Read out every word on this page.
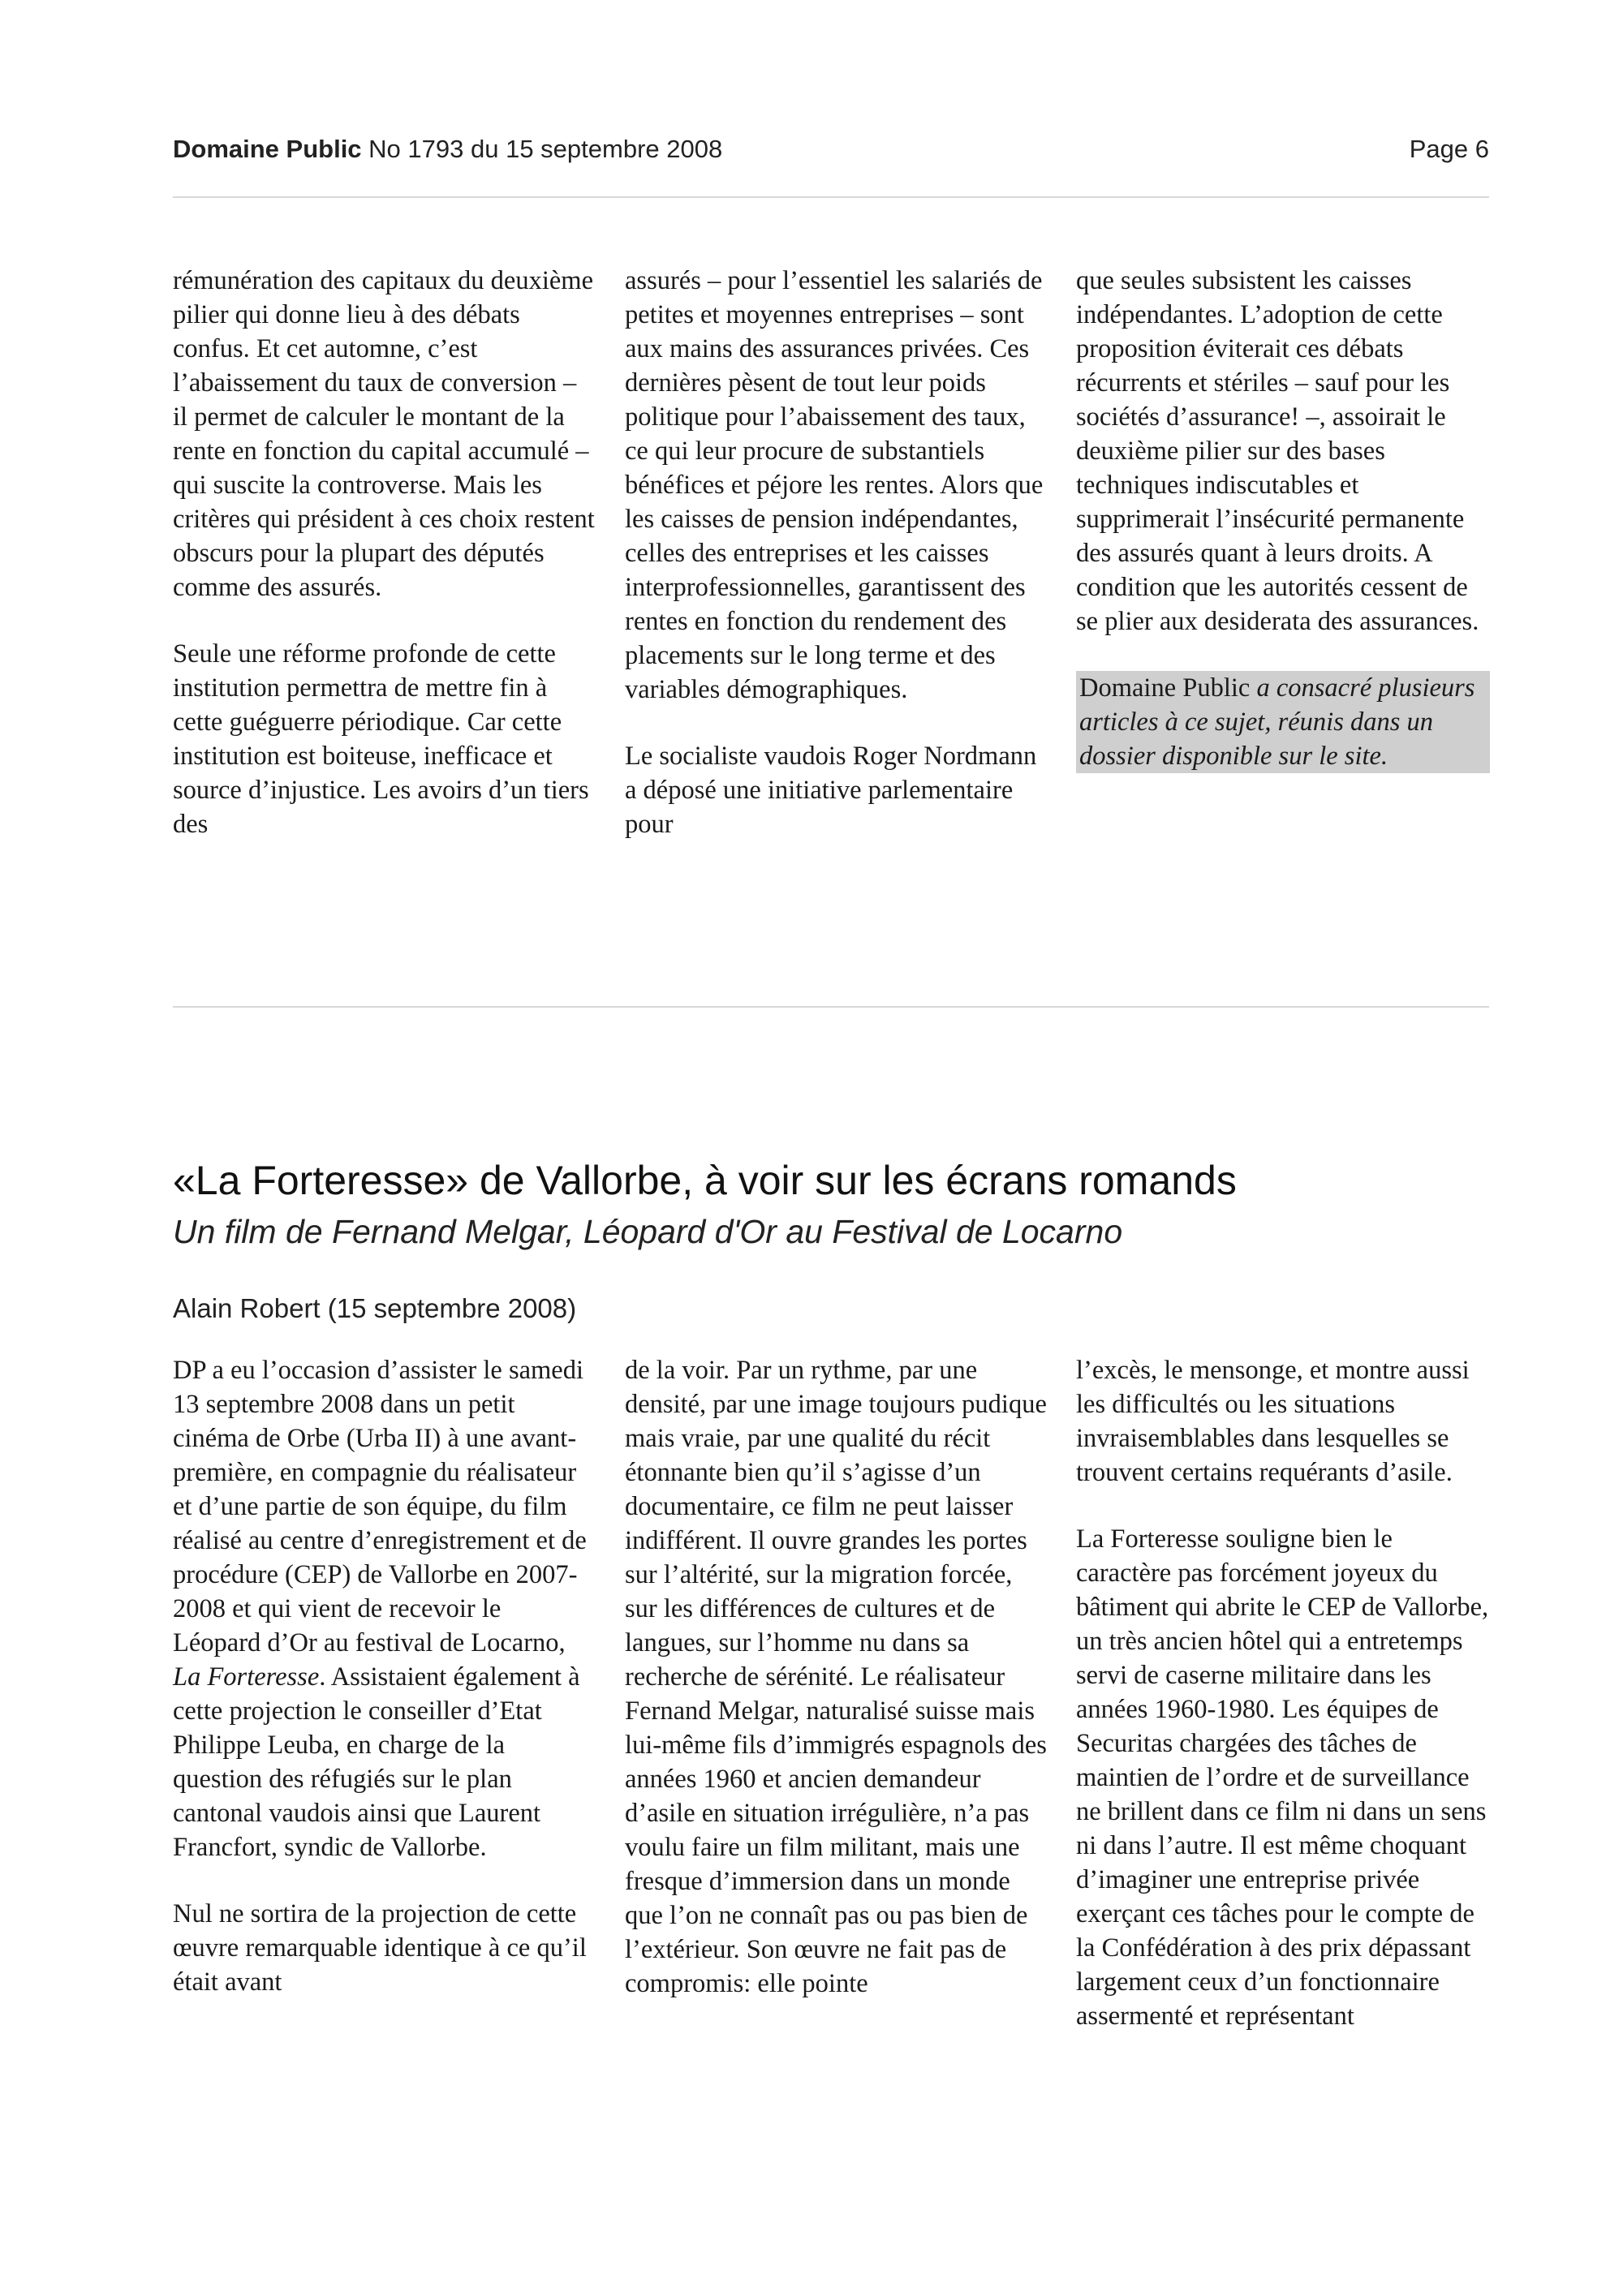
Domaine Public No 1793 du 15 septembre 2008	Page 6

rémunération des capitaux du deuxième pilier qui donne lieu à des débats confus. Et cet automne, c’est l’abaissement du taux de conversion – il permet de calculer le montant de la rente en fonction du capital accumulé – qui suscite la controverse. Mais les critères qui président à ces choix restent obscurs pour la plupart des députés comme des assurés.

Seule une réforme profonde de cette institution permettra de mettre fin à cette guéguerre périodique. Car cette institution est boiteuse, inefficace et source d’injustice. Les avoirs d’un tiers des

assurés – pour l’essentiel les salariés de petites et moyennes entreprises – sont aux mains des assurances privées. Ces dernières pèsent de tout leur poids politique pour l’abaissement des taux, ce qui leur procure de substantiels bénéfices et péjore les rentes. Alors que les caisses de pension indépendantes, celles des entreprises et les caisses interprofessionnelles, garantissent des rentes en fonction du rendement des placements sur le long terme et des variables démographiques.

Le socialiste vaudois Roger Nordmann a déposé une initiative parlementaire pour

que seules subsistent les caisses indépendantes. L’adoption de cette proposition éviterait ces débats récurrents et stériles – sauf pour les sociétés d’assurance! –, assoirait le deuxième pilier sur des bases techniques indiscutables et supprimerait l’insécurité permanente des assurés quant à leurs droits. A condition que les autorités cessent de se plier aux desiderata des assurances.

Domaine Public a consacré plusieurs articles à ce sujet, réunis dans un dossier disponible sur le site.

«La Forteresse» de Vallorbe, à voir sur les écrans romands
Un film de Fernand Melgar, Léopard d'Or au Festival de Locarno
Alain Robert (15 septembre 2008)

DP a eu l’occasion d’assister le samedi 13 septembre 2008 dans un petit cinéma de Orbe (Urba II) à une avant-première, en compagnie du réalisateur et d’une partie de son équipe, du film réalisé au centre d’enregistrement et de procédure (CEP) de Vallorbe en 2007-2008 et qui vient de recevoir le Léopard d’Or au festival de Locarno, La Forteresse. Assistaient également à cette projection le conseiller d’Etat Philippe Leuba, en charge de la question des réfugiés sur le plan cantonal vaudois ainsi que Laurent Francfort, syndic de Vallorbe.

Nul ne sortira de la projection de cette œuvre remarquable identique à ce qu’il était avant

de la voir. Par un rythme, par une densité, par une image toujours pudique mais vraie, par une qualité du récit étonnante bien qu’il s’agisse d’un documentaire, ce film ne peut laisser indifférent. Il ouvre grandes les portes sur l’altérité, sur la migration forcée, sur les différences de cultures et de langues, sur l’homme nu dans sa recherche de sérénité. Le réalisateur Fernand Melgar, naturalisé suisse mais lui-même fils d’immigrés espagnols des années 1960 et ancien demandeur d’asile en situation irrégulière, n’a pas voulu faire un film militant, mais une fresque d’immersion dans un monde que l’on ne connaît pas ou pas bien de l’extérieur. Son œuvre ne fait pas de compromis: elle pointe

l’excès, le mensonge, et montre aussi les difficultés ou les situations invraisemblables dans lesquelles se trouvent certains requérants d’asile.

La Forteresse souligne bien le caractère pas forcément joyeux du bâtiment qui abrite le CEP de Vallorbe, un très ancien hôtel qui a entretemps servi de caserne militaire dans les années 1960-1980. Les équipes de Securitas chargées des tâches de maintien de l’ordre et de surveillance ne brillent dans ce film ni dans un sens ni dans l’autre. Il est même choquant d’imaginer une entreprise privée exerçant ces tâches pour le compte de la Confédération à des prix dépassant largement ceux d’un fonctionnaire assermenté et représentant
